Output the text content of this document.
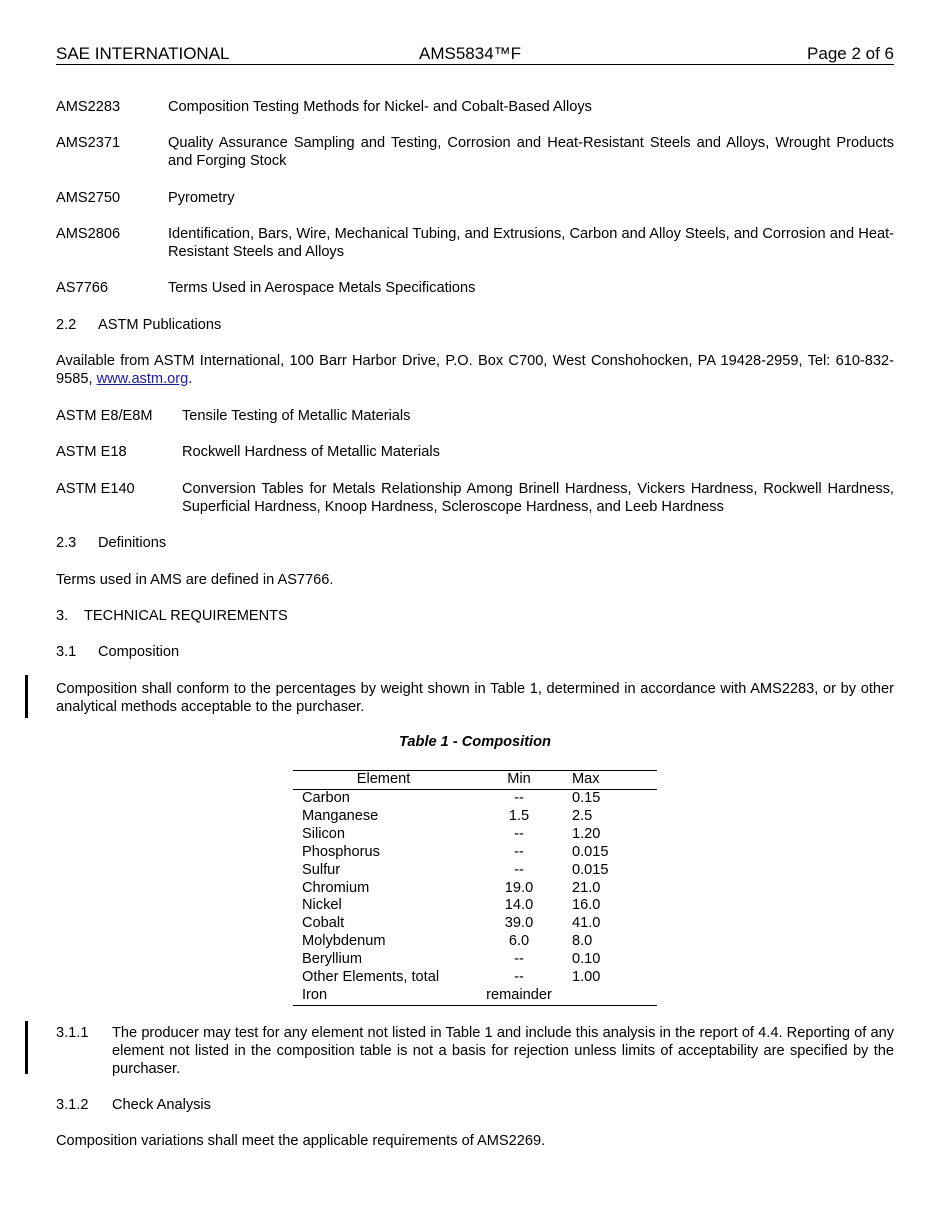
SAE INTERNATIONAL	AMS5834™F	Page 2 of 6
AMS2283	Composition Testing Methods for Nickel- and Cobalt-Based Alloys
AMS2371	Quality Assurance Sampling and Testing, Corrosion and Heat-Resistant Steels and Alloys, Wrought Products and Forging Stock
AMS2750	Pyrometry
AMS2806	Identification, Bars, Wire, Mechanical Tubing, and Extrusions, Carbon and Alloy Steels, and Corrosion and Heat-Resistant Steels and Alloys
AS7766	Terms Used in Aerospace Metals Specifications
2.2 ASTM Publications
Available from ASTM International, 100 Barr Harbor Drive, P.O. Box C700, West Conshohocken, PA 19428-2959, Tel: 610-832-9585, www.astm.org.
ASTM E8/E8M Tensile Testing of Metallic Materials
ASTM E18	Rockwell Hardness of Metallic Materials
ASTM E140	Conversion Tables for Metals Relationship Among Brinell Hardness, Vickers Hardness, Rockwell Hardness, Superficial Hardness, Knoop Hardness, Scleroscope Hardness, and Leeb Hardness
2.3 Definitions
Terms used in AMS are defined in AS7766.
3. TECHNICAL REQUIREMENTS
3.1 Composition
Composition shall conform to the percentages by weight shown in Table 1, determined in accordance with AMS2283, or by other analytical methods acceptable to the purchaser.
Table 1 - Composition
Element	Min	Max
Carbon	--	0.15
Manganese	1.5	2.5
Silicon	--	1.20
Phosphorus	--	0.015
Sulfur	--	0.015
Chromium	19.0	21.0
Nickel	14.0	16.0
Cobalt	39.0	41.0
Molybdenum	6.0	8.0
Beryllium	--	0.10
Other Elements, total	--	1.00
Iron	remainder	
3.1.1 The producer may test for any element not listed in Table 1 and include this analysis in the report of 4.4. Reporting of any element not listed in the composition table is not a basis for rejection unless limits of acceptability are specified by the purchaser.
3.1.2 Check Analysis
Composition variations shall meet the applicable requirements of AMS2269.
